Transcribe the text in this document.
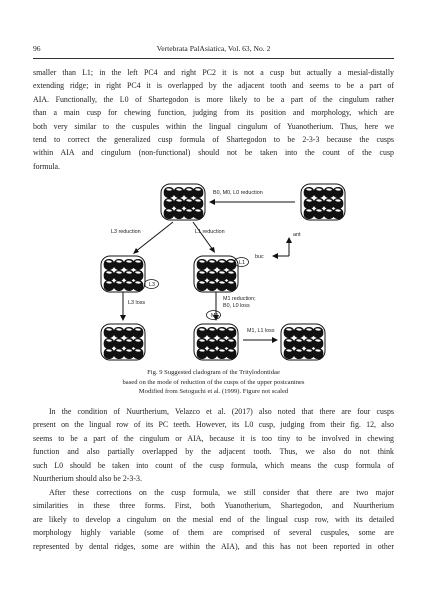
96	Vertebrata PalAsiatica, Vol. 63, No. 2
smaller than L1; in the left PC4 and right PC2 it is not a cusp but actually a mesial-distally
extending ridge; in right PC4 it is overlapped by the adjacent tooth and seems to be a part of
AIA. Functionally, the L0 of Shartegodon is more likely to be a part of the cingulum rather
than a main cusp for chewing function, judging from its position and morphology, which are
both very similar to the cuspules within the lingual cingulum of Yuanotherium. Thus, here we
tend to correct the generalized cusp formula of Shartegodon to be 2-3-3 because the cusps
within AIA and cingulum (non-functional) should not be taken into the count of the cusp
formula.
B0, M0, L0 reduction
L3 reduction	L1 reduction	ant
buc
L1
L3
L3 loss
M1 reduction;
B0, L0 loss
M1
M1, L1 loss
Fig. 9 Suggested cladogram of the Tritylodontidae
based on the mode of reduction of the cusps of the upper postcanines
Modified from Setoguchi et al. (1999). Figure not scaled
In the condition of Nuurtherium, Velazco et al. (2017) also noted that there are four cusps
present on the lingual row of its PC teeth. However, its L0 cusp, judging from their fig. 12, also
seems to be a part of the cingulum or AIA, because it is too tiny to be involved in chewing
function and also partially overlapped by the adjacent tooth. Thus, we also do not think
such L0 should be taken into count of the cusp formula, which means the cusp formula of
Nuurtherium should also be 2-3-3.
After these corrections on the cusp formula, we still consider that there are two major
similarities in these three forms. First, both Yuanotherium, Shartegodon, and Nuurtherium
are likely to develop a cingulum on the mesial end of the lingual cusp row, with its detailed
morphology highly variable (some of them are comprised of several cuspules, some are
represented by dental ridges, some are within the AIA), and this has not been reported in other
